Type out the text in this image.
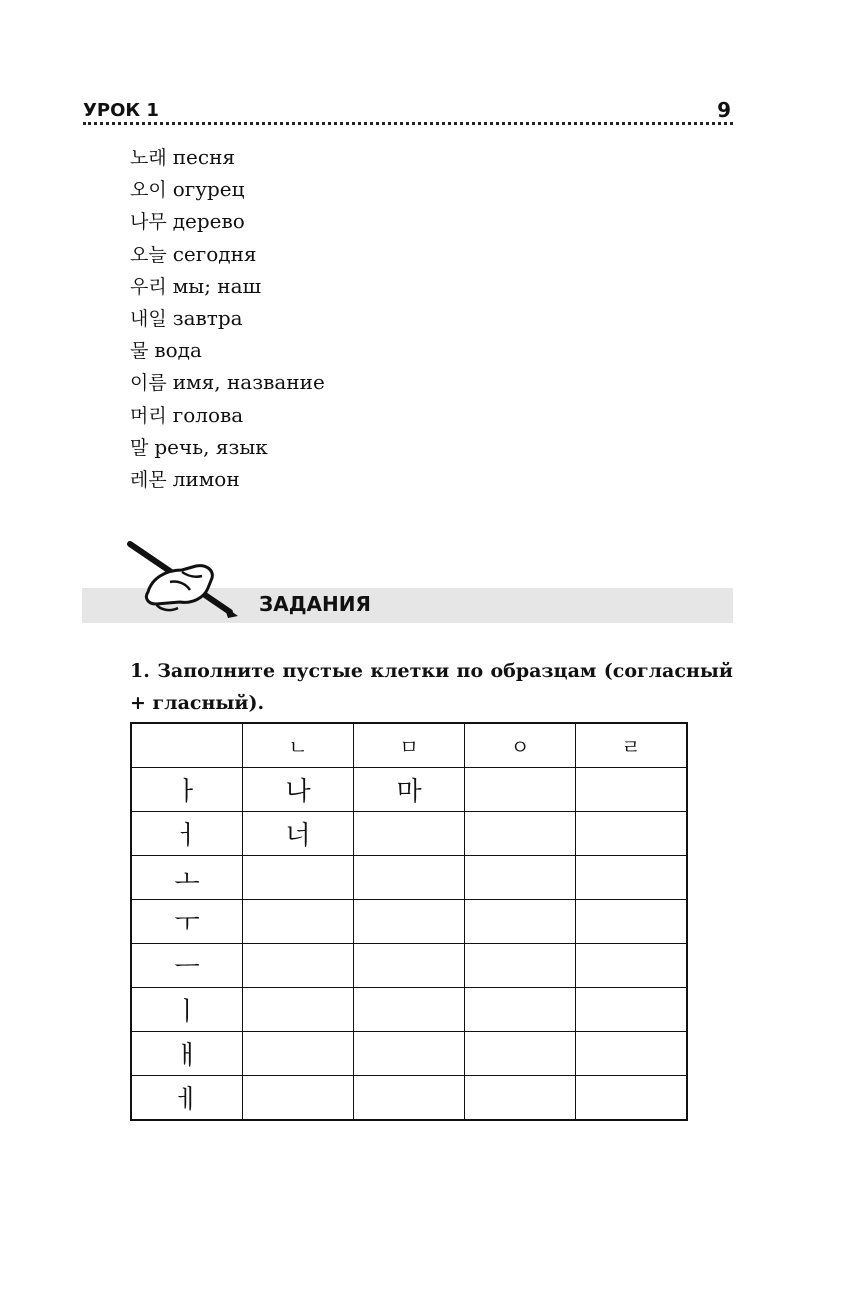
УРОК 1	9
노래 песня
오이 огурец
나무 дерево
오늘 сегодня
우리 мы; наш
내일 завтра
물 вода
이름 имя, название
머리 голова
말 речь, язык
레몬 лимон
ЗАДАНИЯ

1. Заполните пустые клетки по образцам (согласный + гласный).

	ㄴ	ㅁ	ㅇ	ㄹ
ㅏ	나	마		
ㅓ	너			
ㅗ				
ㅜ				
ㅡ				
ㅣ				
ㅐ				
ㅔ				
